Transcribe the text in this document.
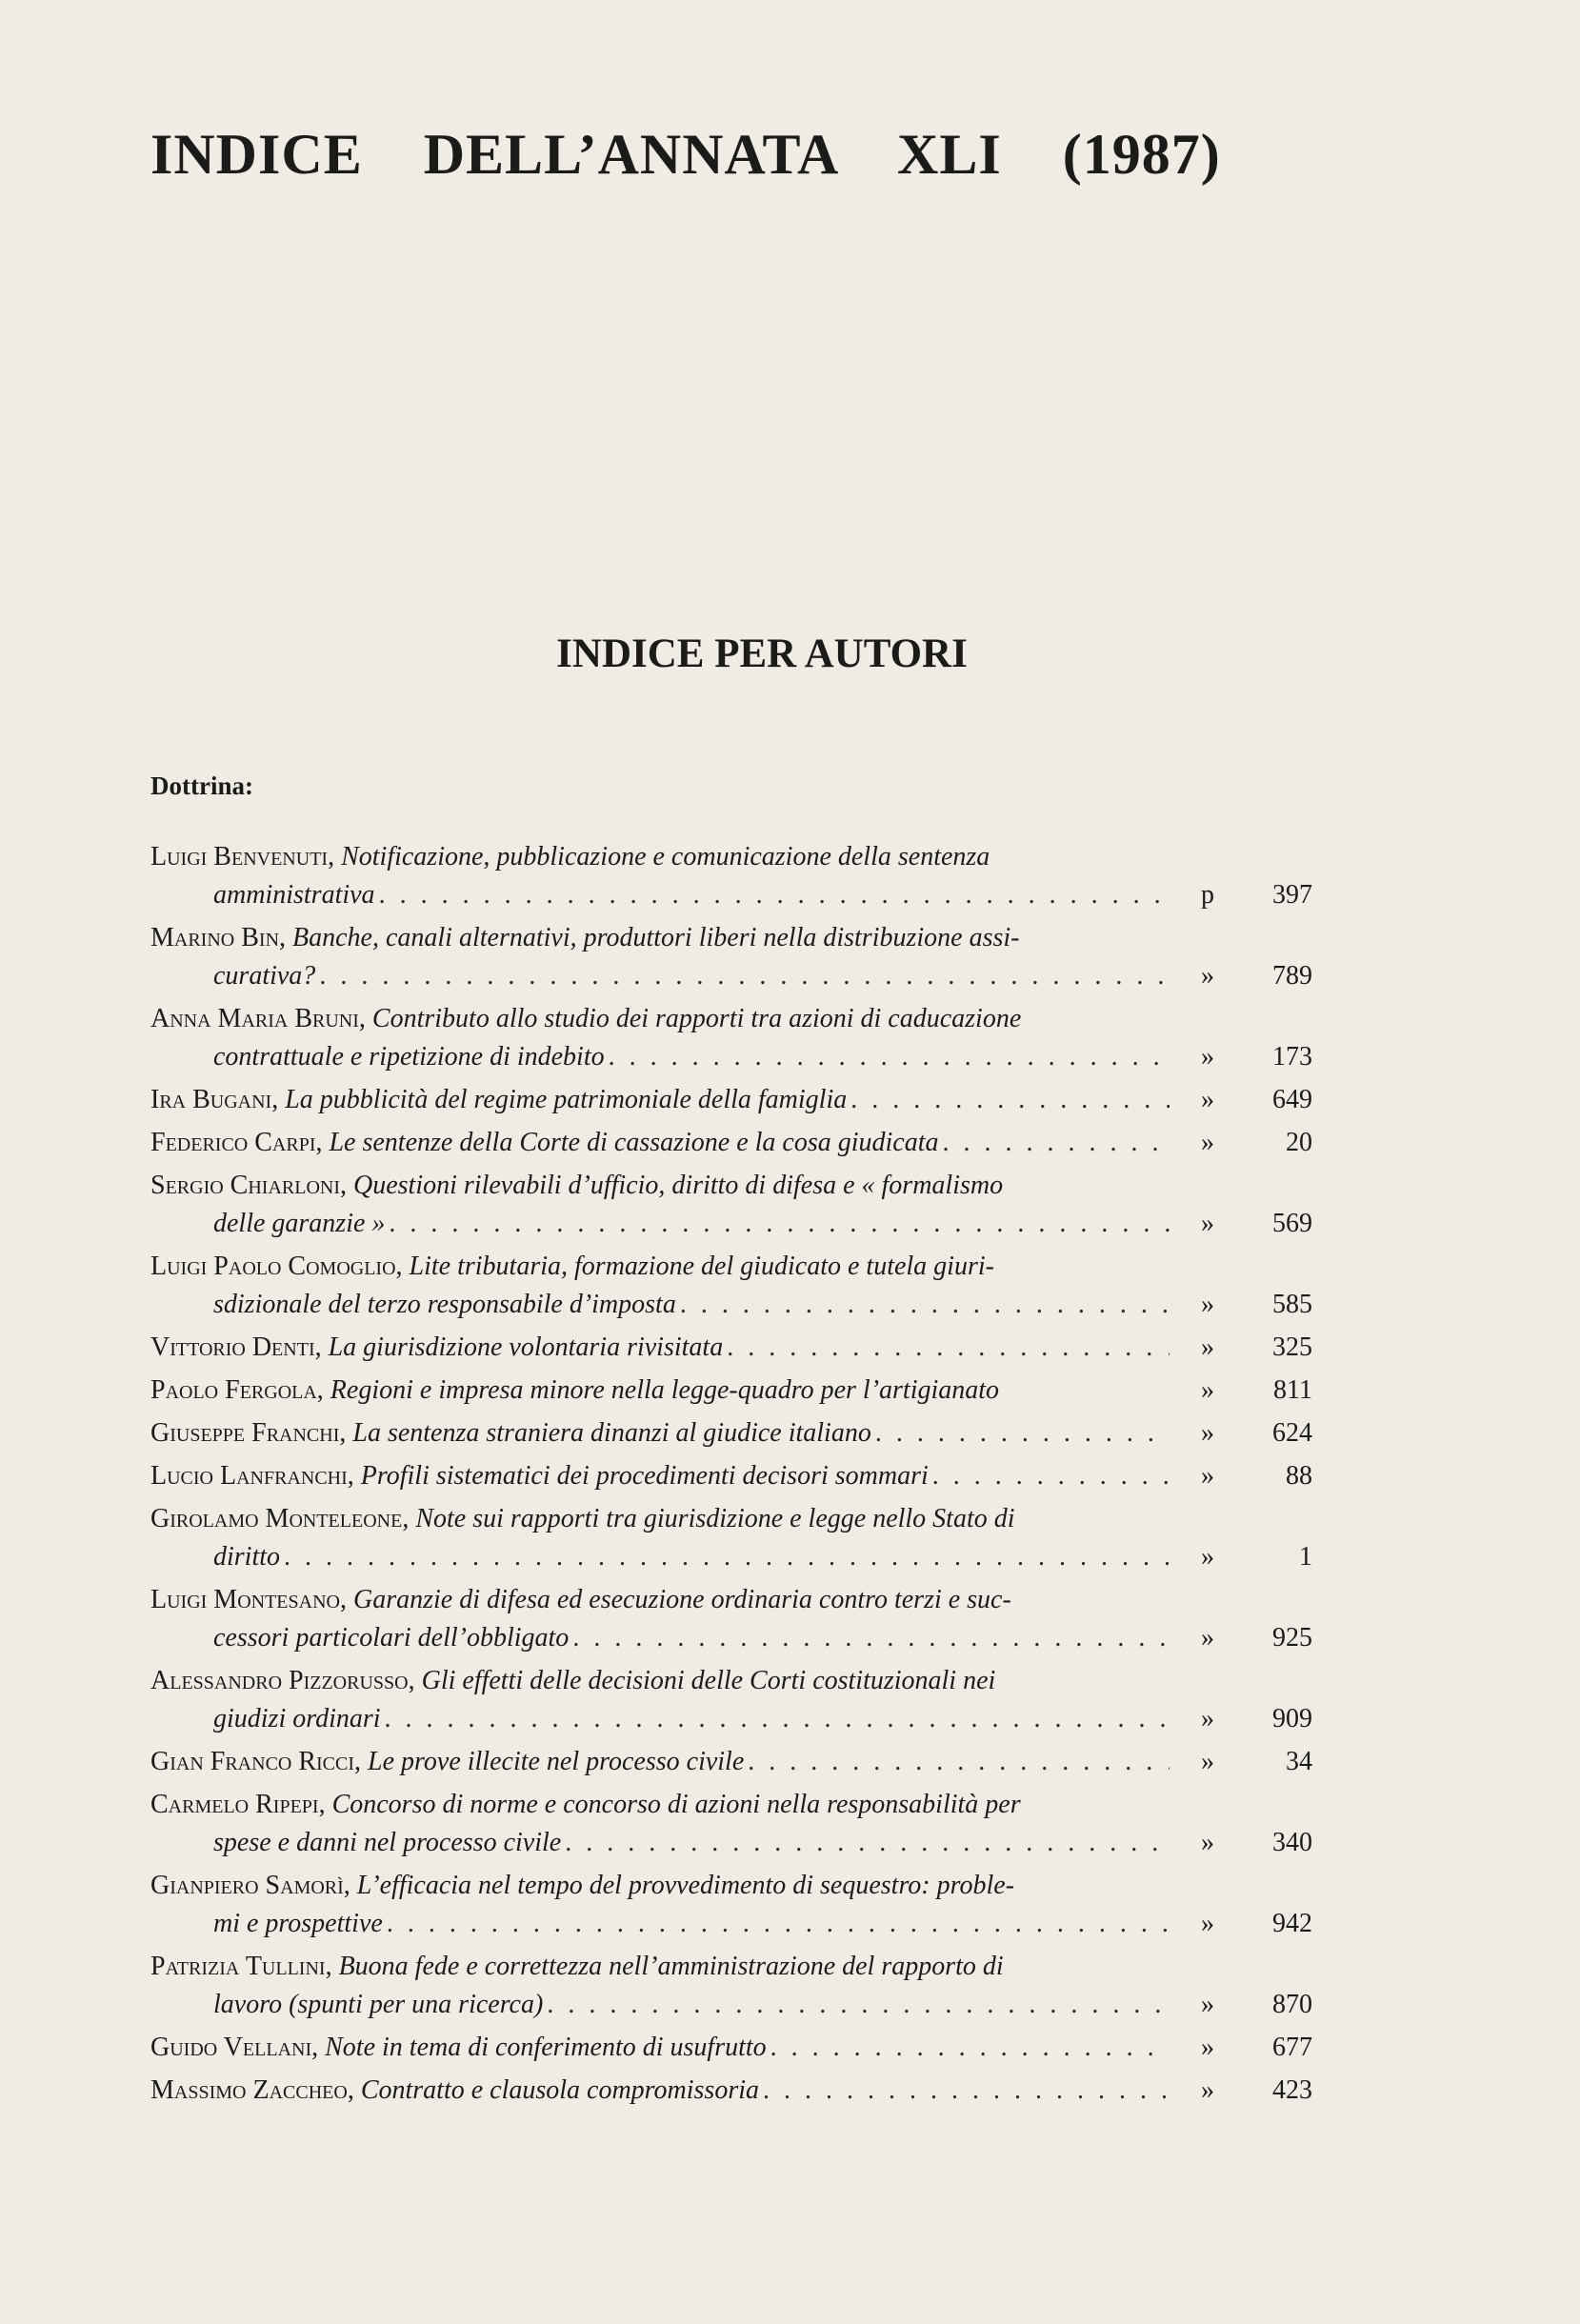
INDICE    DELL’ANNATA    XLI    (1987)
INDICE PER AUTORI
Dottrina:
Luigi Benvenuti, Notificazione, pubblicazione e comunicazione della sentenza
amministrativa . . .	p	397
Marino Bin, Banche, canali alternativi, produttori liberi nella distribuzione assi-
curativa? . . .	»	789
Anna Maria Bruni, Contributo allo studio dei rapporti tra azioni di caducazione
contrattuale e ripetizione di indebito . . .	»	173
Ira Bugani , La pubblicità del regime patrimoniale della famiglia . . .	»	649
Federico Carpi , Le sentenze della Corte di cassazione e la cosa giudicata . . .	»	20
Sergio Chiarloni, Questioni rilevabili d’ufficio, diritto di difesa e « formalismo
delle garanzie » . . .	»	569
Luigi Paolo Comoglio, Lite tributaria, formazione del giudicato e tutela giuri-
sdizionale del terzo responsabile d’imposta . . .	»	585
Vittorio Denti , La giurisdizione volontaria rivisitata . . .	»	325
Paolo Fergola , Regioni e impresa minore nella legge-quadro per l’artigianato	»	811
Giuseppe Franchi , La sentenza straniera dinanzi al giudice italiano . . .	»	624
Lucio Lanfranchi , Profili sistematici dei procedimenti decisori sommari . . .	»	88
Girolamo Monteleone, Note sui rapporti tra giurisdizione e legge nello Stato di
diritto . . .	»	1
Luigi Montesano, Garanzie di difesa ed esecuzione ordinaria contro terzi e suc-
cessori particolari dell’obbligato . . .	»	925
Alessandro Pizzorusso, Gli effetti delle decisioni delle Corti costituzionali nei
giudizi ordinari . . .	»	909
Gian Franco Ricci , Le prove illecite nel processo civile . . .	»	34
Carmelo Ripepi, Concorso di norme e concorso di azioni nella responsabilità per
spese e danni nel processo civile . . .	»	340
Gianpiero Samorì, L’efficacia nel tempo del provvedimento di sequestro: proble-
mi e prospettive . . .	»	942
Patrizia Tullini, Buona fede e correttezza nell’amministrazione del rapporto di
lavoro (spunti per una ricerca) . . .	»	870
Guido Vellani , Note in tema di conferimento di usufrutto . . .	»	677
Massimo Zaccheo , Contratto e clausola compromissoria . . .	»	423
